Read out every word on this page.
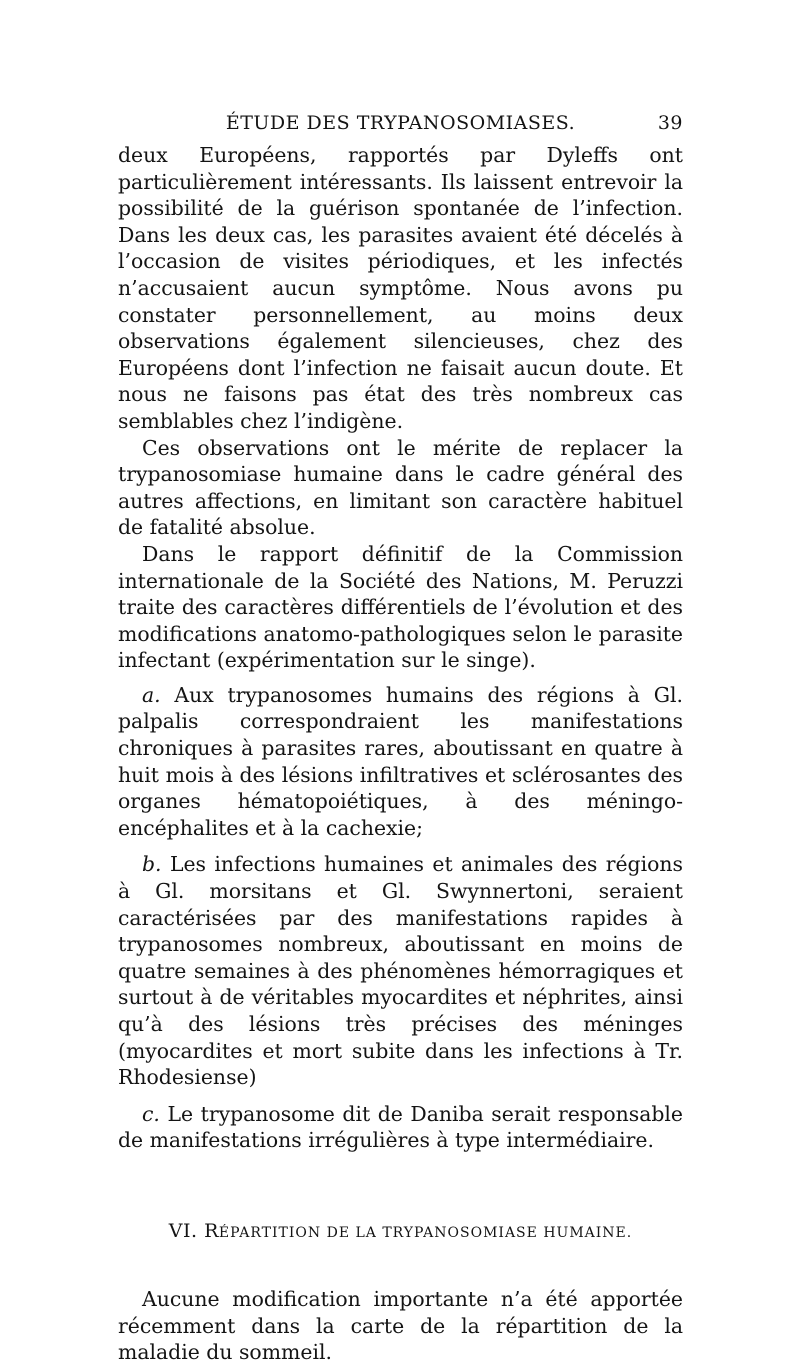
ÉTUDE DES TRYPANOSOMIASES.	39

deux Européens, rapportés par Dyleffs ont particulièrement intéressants. Ils laissent entrevoir la possibilité de la guérison spontanée de l’infection. Dans les deux cas, les parasites avaient été décelés à l’occasion de visites périodiques, et les infectés n’accusaient aucun symptôme. Nous avons pu constater personnellement, au moins deux observations également silencieuses, chez des Européens dont l’infection ne faisait aucun doute. Et nous ne faisons pas état des très nombreux cas semblables chez l’indigène.

Ces observations ont le mérite de replacer la trypanosomiase humaine dans le cadre général des autres affections, en limitant son caractère habituel de fatalité absolue.

Dans le rapport définitif de la Commission internationale de la Société des Nations, M. Peruzzi traite des caractères différentiels de l’évolution et des modifications anatomo-pathologiques selon le parasite infectant (expérimentation sur le singe).

a. Aux trypanosomes humains des régions à Gl. palpalis correspondraient les manifestations chroniques à parasites rares, aboutissant en quatre à huit mois à des lésions infiltratives et sclérosantes des organes hématopoiétiques, à des méningo-encéphalites et à la cachexie;

b. Les infections humaines et animales des régions à Gl. morsitans et Gl. Swynnertoni, seraient caractérisées par des manifestations rapides à trypanosomes nombreux, aboutissant en moins de quatre semaines à des phénomènes hémorragiques et surtout à de véritables myocardites et néphrites, ainsi qu’à des lésions très précises des méninges (myocardites et mort subite dans les infections à Tr. Rhodesiense)

c. Le trypanosome dit de Daniba serait responsable de manifestations irrégulières à type intermédiaire.

VI. RÉPARTITION DE LA TRYPANOSOMIASE HUMAINE.

Aucune modification importante n’a été apportée récemment dans la carte de la répartition de la maladie du sommeil.
